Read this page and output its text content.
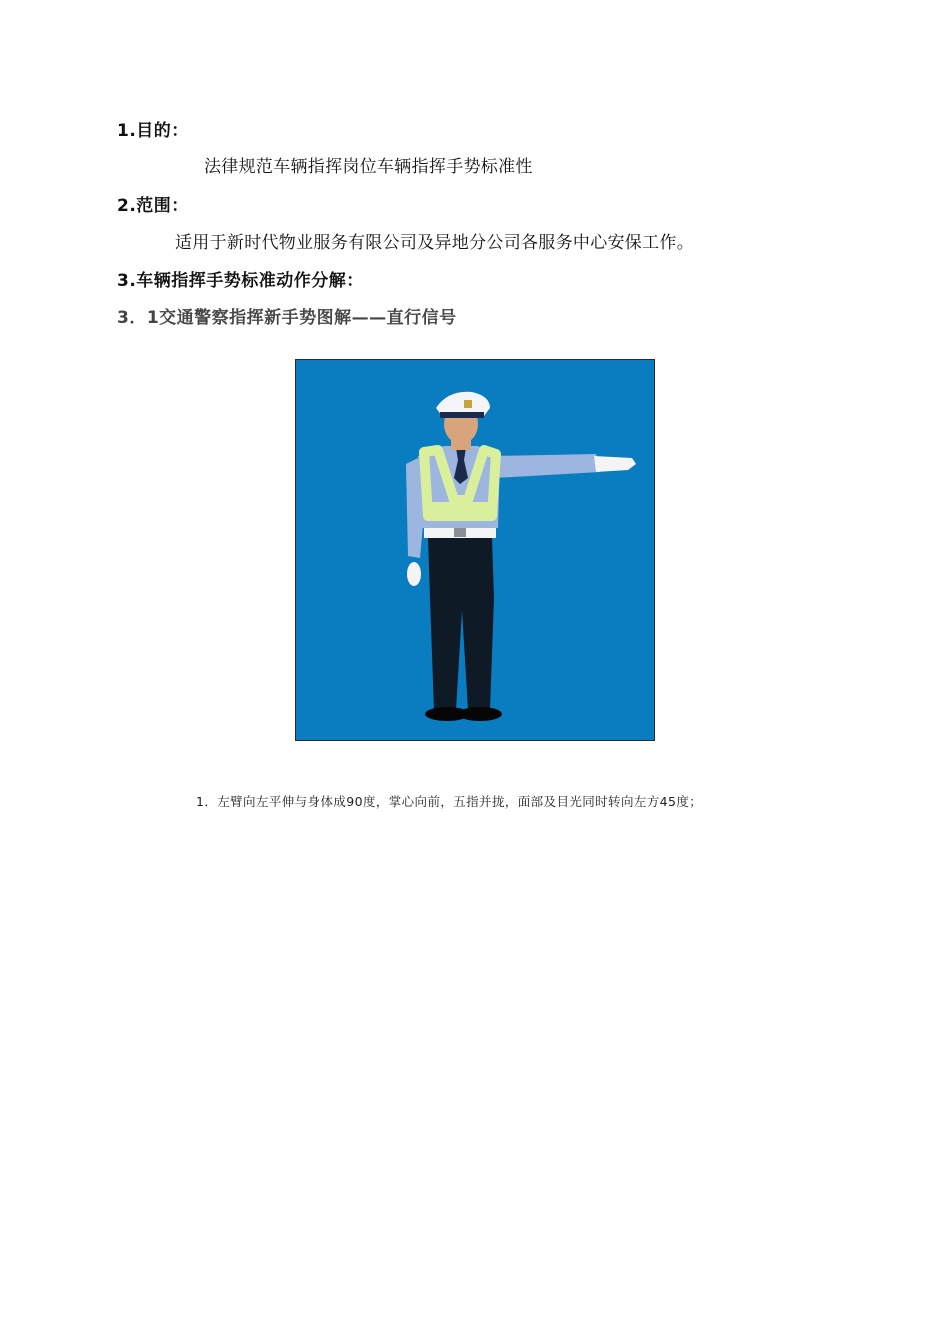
1.目的：
法律规范车辆指挥岗位车辆指挥手势标准性
2.范围：
适用于新时代物业服务有限公司及异地分公司各服务中心安保工作。
3.车辆指挥手势标准动作分解：
3．1交通警察指挥新手势图解——直行信号
1．左臂向左平伸与身体成90度，掌心向前，五指并拢，面部及目光同时转向左方45度；
